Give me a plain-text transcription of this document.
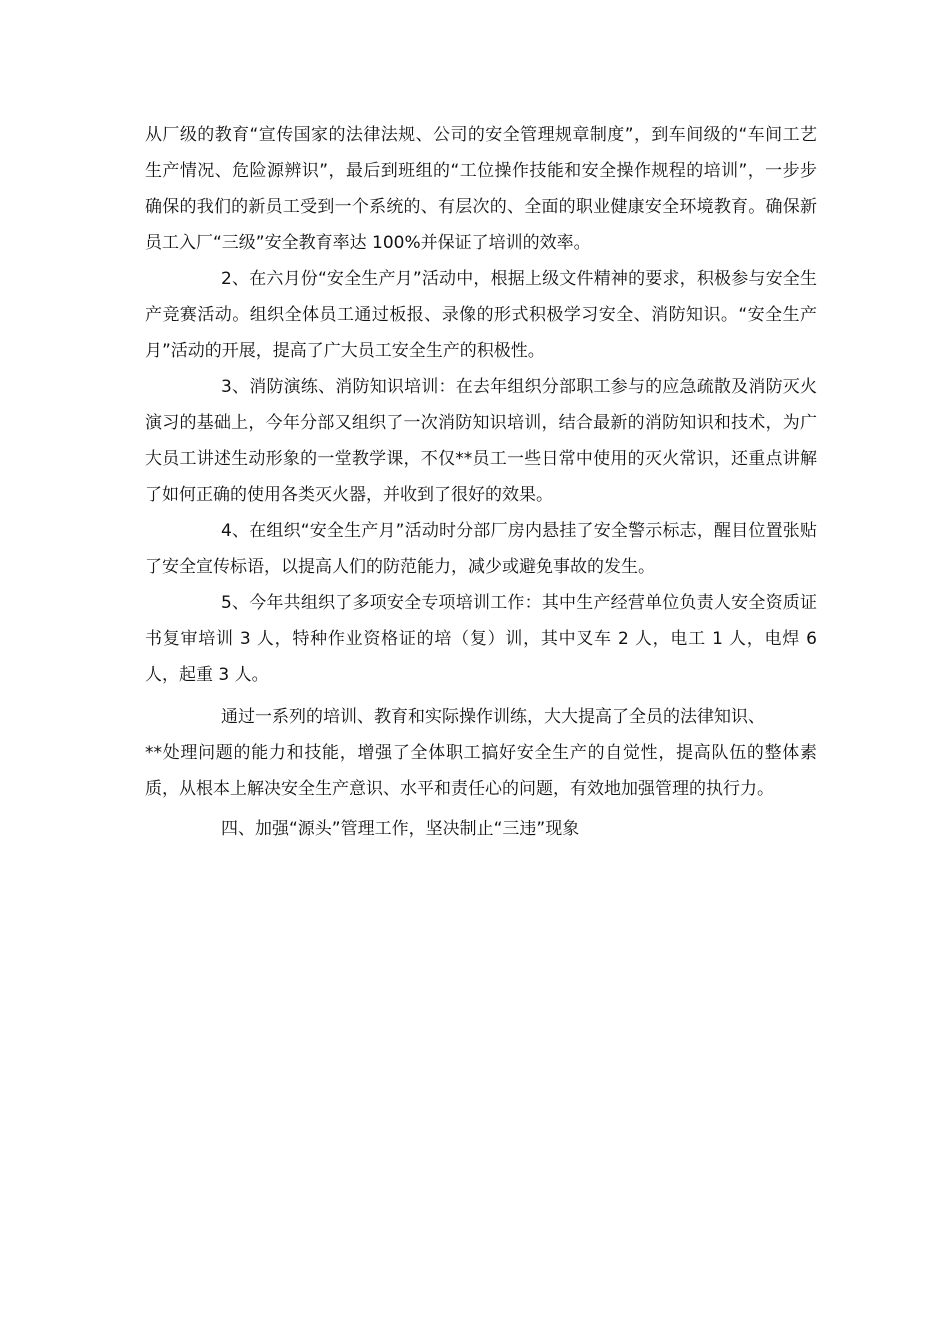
从厂级的教育“宣传国家的法律法规、公司的安全管理规章制度”，到车间级的“车间工艺生产情况、危险源辨识”，最后到班组的“工位操作技能和安全操作规程的培训”，一步步确保的我们的新员工受到一个系统的、有层次的、全面的职业健康安全环境教育。确保新员工入厂“三级”安全教育率达 100%并保证了培训的效率。

2、在六月份“安全生产月”活动中，根据上级文件精神的要求，积极参与安全生产竞赛活动。组织全体员工通过板报、录像的形式积极学习安全、消防知识。“安全生产月”活动的开展，提高了广大员工安全生产的积极性。

3、消防演练、消防知识培训：在去年组织分部职工参与的应急疏散及消防灭火演习的基础上，今年分部又组织了一次消防知识培训，结合最新的消防知识和技术，为广大员工讲述生动形象的一堂教学课，不仅**员工一些日常中使用的灭火常识，还重点讲解了如何正确的使用各类灭火器，并收到了很好的效果。

4、在组织“安全生产月”活动时分部厂房内悬挂了安全警示标志，醒目位置张贴了安全宣传标语，以提高人们的防范能力，减少或避免事故的发生。

5、今年共组织了多项安全专项培训工作：其中生产经营单位负责人安全资质证书复审培训 3 人，特种作业资格证的培（复）训，其中叉车 2 人，电工 1 人，电焊 6 人，起重 3 人。

通过一系列的培训、教育和实际操作训练，大大提高了全员的法律知识、

**处理问题的能力和技能，增强了全体职工搞好安全生产的自觉性，提高队伍的整体素质，从根本上解决安全生产意识、水平和责任心的问题，有效地加强管理的执行力。

四、加强“源头”管理工作，坚决制止“三违”现象
